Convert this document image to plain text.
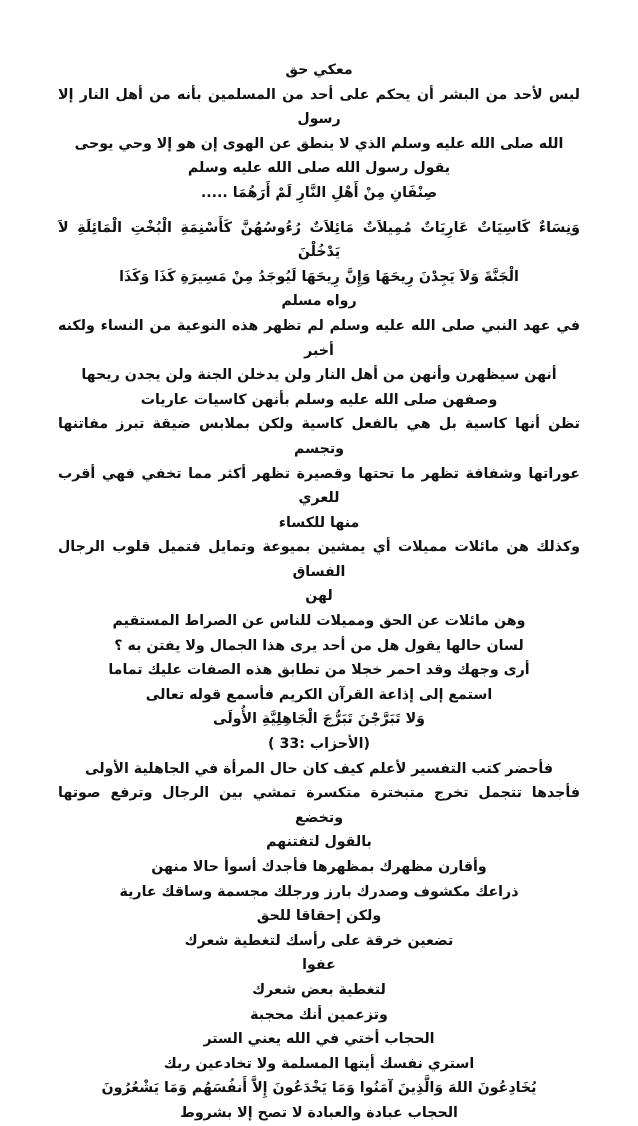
معكي حق
ليس لأحد من البشر أن يحكم على أحد من المسلمين بأنه من أهل النار إلا رسول
الله صلى الله عليه وسلم الذي لا ينطق عن الهوى إن هو إلا وحي يوحى
يقول رسول الله صلى الله عليه وسلم
صِنْفَانِ مِنْ أَهْلِ النَّارِ لَمْ أَرَهُمَا .....
وَنِسَاءٌ كَاسِيَاتٌ عَارِيَاتٌ مُمِيلاَتٌ مَائِلاَتٌ رُءُوسُهُنَّ كَأَسْنِمَةِ الْبُخْتِ الْمَائِلَةِ لاَ يَدْخُلْنَ
الْجَنَّةَ وَلاَ يَجِدْنَ رِيحَهَا وَإِنَّ رِيحَهَا لَيُوجَدُ مِنْ مَسِيرَةِ كَذَا وَكَذَا
رواه مسلم
في عهد النبي صلى الله عليه وسلم لم تظهر هذه النوعية من النساء ولكنه أخبر
أنهن سيظهرن وأنهن من أهل النار ولن يدخلن الجنة ولن يجدن ريحها
وصفهن صلى الله عليه وسلم بأنهن كاسيات عاريات
تظن أنها كاسية بل هي بالفعل كاسية ولكن بملابس ضيقة تبرز مفاتنها وتجسم
عوراتها وشفافة تظهر ما تحتها وقصيرة تظهر أكثر مما تخفي فهي أقرب للعري
منها للكساء
وكذلك هن مائلات مميلات أي يمشين بميوعة وتمايل فتميل قلوب الرجال الفساق
لهن
وهن مائلات عن الحق ومميلات للناس عن الصراط المستقيم
لسان حالها يقول هل من أحد يرى هذا الجمال ولا يفتن به ؟
أرى وجهك وقد احمر خجلا من تطابق هذه الصفات عليك تماما
استمع إلى إذاعة القرآن الكريم فأسمع قوله تعالى
وَلا تَبَرَّجْنَ تَبَرُّجَ الْجَاهِلِيَّةِ الأُولَى
(الأحزاب :33 )
فأحضر كتب التفسير لأعلم كيف كان حال المرأة في الجاهلية الأولى
فأجدها تتجمل تخرج متبخترة متكسرة تمشي بين الرجال وترفع صوتها وتخضع
بالقول لتفتنهم
وأقارن مظهرك بمظهرها فأجدك أسوأ حالا منهن
ذراعك مكشوف وصدرك بارز ورجلك مجسمة وساقك عارية
ولكن إحقاقا للحق
تضعين خرقة على رأسك لتغطية شعرك
عفوا
لتغطية بعض شعرك
وتزعمين أنك محجبة
الحجاب أختي في الله يعني الستر
استري نفسك أيتها المسلمة ولا تخادعين ربك
يُخَادِعُونَ اللهَ وَالَّذِينَ آمَنُوا وَمَا يَخْدَعُونَ إِلاَّ أَنفُسَهُم وَمَا يَشْعُرُونَ
الحجاب عبادة والعبادة لا تصح إلا بشروط
